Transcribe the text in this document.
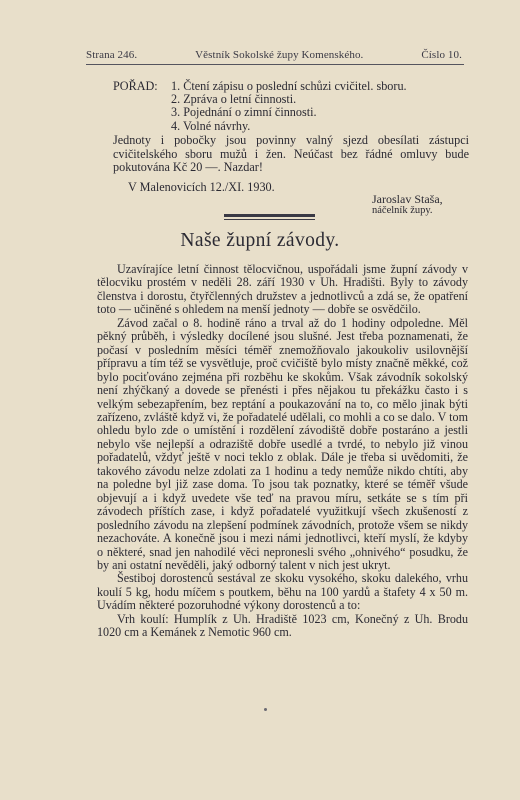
Strana 246.	Věstník Sokolské župy Komenského.	Číslo 10.
POŘAD: 1. Čtení zápisu o poslední schůzi cvičitel. sboru.
2. Zpráva o letní činnosti.
3. Pojednání o zimní činnosti.
4. Volné návrhy.
Jednoty i pobočky jsou povinny valný sjezd obesílati zástupci cvičitelského sboru mužů i žen. Neúčast bez řádné omluvy bude pokutována Kč 20 —. Nazdar!
V Malenovicích 12./XI. 1930.
Jaroslav Staša,
náčelník župy.
Naše župní závody.

Uzavírajíce letní činnost tělocvičnou, uspořádali jsme župní závody v tělocviku prostém v neděli 28. září 1930 v Uh. Hradišti. Byly to závody členstva i dorostu, čtyřčlenných družstev a jednotlivců a zdá se, že opatření toto — učiněné s ohledem na menší jednoty — dobře se osvědčilo.

Závod začal o 8. hodině ráno a trval až do 1 hodiny odpoledne. Měl pěkný průběh, i výsledky docílené jsou slušné. Jest třeba poznamenati, že počasí v posledním měsíci téměř znemožňovalo jakoukoliv usilovnější přípravu a tím též se vysvětluje, proč cvičiště bylo místy značně měkké, což bylo pociťováno zejména při rozběhu ke skokům. Však závodník sokolský není zhýčkaný a dovede se přenésti i přes nějakou tu překážku často i s velkým sebezapřením, bez reptání a poukazování na to, co mělo jinak býti zařízeno, zvláště když vi, že pořadatelé udělali, co mohli a co se dalo. V tom ohledu bylo zde o umístění i rozdělení závodiště dobře postaráno a jestli nebylo vše nejlepší a odraziště dobře usedlé a tvrdé, to nebylo již vinou pořadatelů, vždyť ještě v noci teklo z oblak. Dále je třeba si uvědomiti, že takového závodu nelze zdolati za 1 hodinu a tedy nemůže nikdo chtíti, aby na poledne byl již zase doma. To jsou tak poznatky, které se téměř všude objevují a i když uvedete vše teď na pravou míru, setkáte se s tím při závodech příštích zase, i když pořadatelé využitkují všech zkušeností z posledního závodu na zlepšení podmínek závodních, protože všem se nikdy nezachováte. A konečně jsou i mezi námi jednotlivci, kteří myslí, že kdyby o některé, snad jen nahodilé věci nepronesli svého „ohnivého“ posudku, že by ani ostatní nevěděli, jaký odborný talent v nich jest ukryt.

Šestiboj dorostenců sestával ze skoku vysokého, skoku dalekého, vrhu koulí 5 kg, hodu míčem s poutkem, běhu na 100 yardů a štafety 4 x 50 m. Uvádím některé pozoruhodné výkony dorostenců a to:

Vrh koulí: Humplík z Uh. Hradiště 1023 cm, Konečný z Uh. Brodu 1020 cm a Kemánek z Nemotic 960 cm.
